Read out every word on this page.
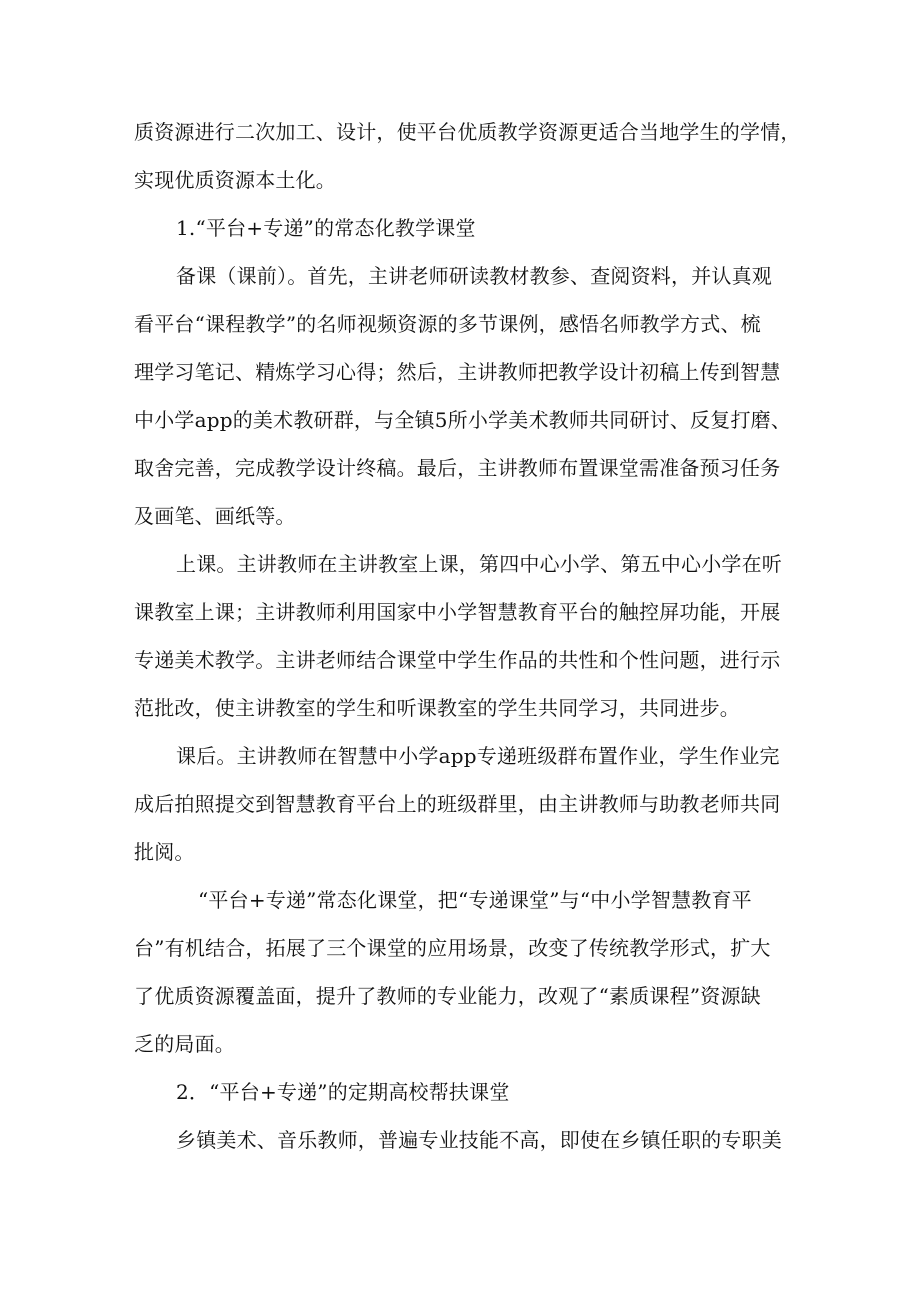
质资源进行二次加工、设计，使平台优质教学资源更适合当地学生的学情，
实现优质资源本土化。
1.“平台+专递”的常态化教学课堂
备课（课前）。首先，主讲老师研读教材教参、查阅资料，并认真观
看平台“课程教学”的名师视频资源的多节课例，感悟名师教学方式、梳
理学习笔记、精炼学习心得；然后，主讲教师把教学设计初稿上传到智慧
中小学app的美术教研群，与全镇5所小学美术教师共同研讨、反复打磨、
取舍完善，完成教学设计终稿。最后，主讲教师布置课堂需准备预习任务
及画笔、画纸等。
上课。主讲教师在主讲教室上课，第四中心小学、第五中心小学在听
课教室上课；主讲教师利用国家中小学智慧教育平台的触控屏功能，开展
专递美术教学。主讲老师结合课堂中学生作品的共性和个性问题，进行示
范批改，使主讲教室的学生和听课教室的学生共同学习，共同进步。
课后。主讲教师在智慧中小学app专递班级群布置作业，学生作业完
成后拍照提交到智慧教育平台上的班级群里，由主讲教师与助教老师共同
批阅。
“平台+专递”常态化课堂，把“专递课堂”与“中小学智慧教育平
台”有机结合，拓展了三个课堂的应用场景，改变了传统教学形式，扩大
了优质资源覆盖面，提升了教师的专业能力，改观了“素质课程”资源缺
乏的局面。
2．“平台+专递”的定期高校帮扶课堂
乡镇美术、音乐教师，普遍专业技能不高，即使在乡镇任职的专职美
